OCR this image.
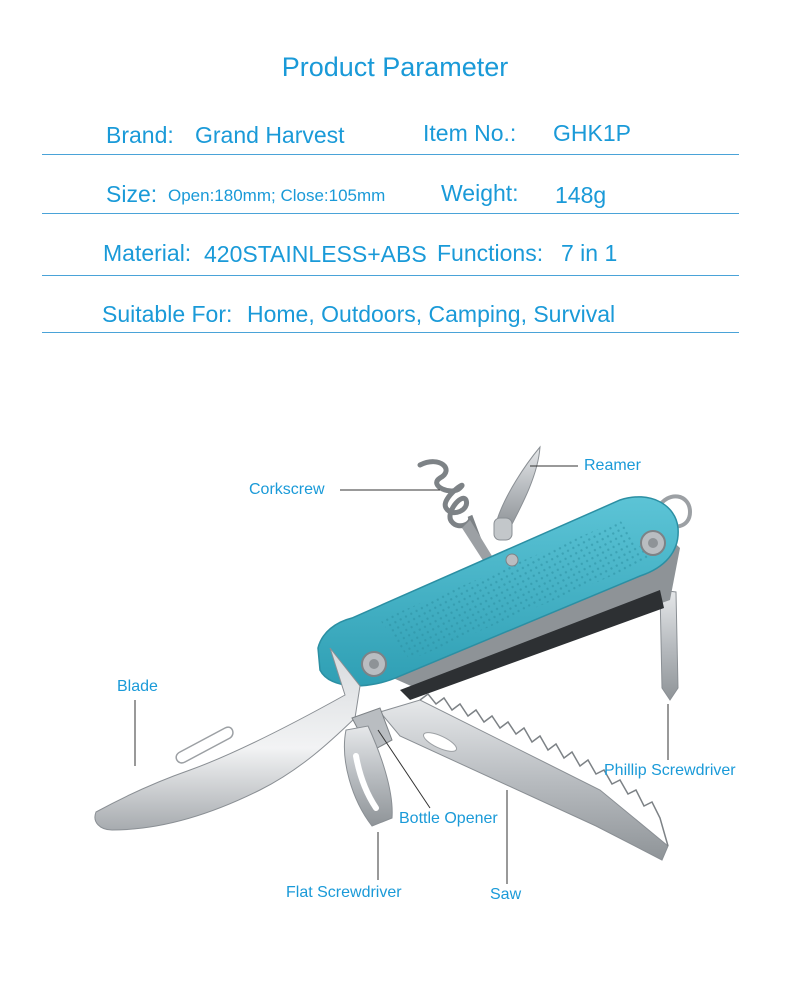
Product Parameter
Brand: Grand Harvest	Item No.: GHK1P
Size: Open:180mm; Close:105mm Weight: 148g
Material: 420STAINLESS+ABS Functions: 7 in 1
Suitable For: Home, Outdoors, Camping, Survival
Corkscrew
Reamer
Blade
Phillip Screwdriver
Bottle Opener
Flat Screwdriver	Saw
